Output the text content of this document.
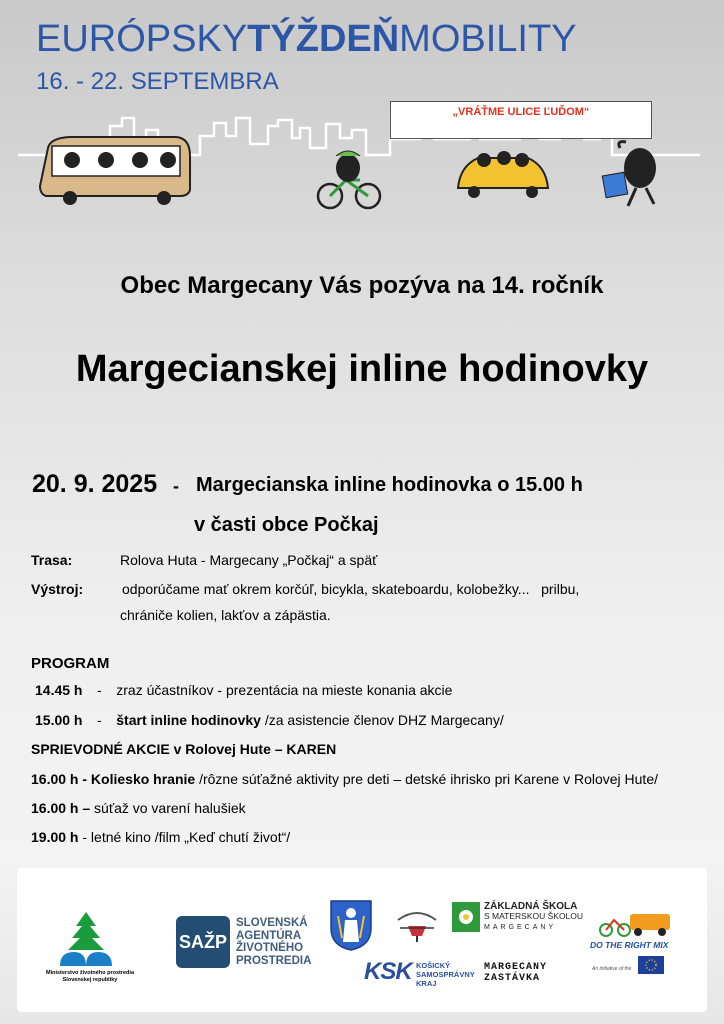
EURÓPSKYTÝŽDEŇMOBILITY
16. - 22. SEPTEMBRA
„VRÁŤME ULICE ĽUĎOM“
Obec Margecany Vás pozýva na 14. ročník
Margecianskej inline hodinovky
20. 9. 2025 - Margecianska inline hodinovka o 15.00 h
v časti obce Počkaj
Trasa:	Rolova Huta - Margecany „Počkaj“ a späť
Výstroj:	odporúčame mať okrem korčúľ, bicykla, skateboardu, kolobežky...   prilbu,
chrániče kolien, lakťov a zápästia.
PROGRAM
14.45 h - zraz účastníkov - prezentácia na mieste konania akcie
15.00 h - štart inline hodinovky /za asistencie členov DHZ Margecany/
SPRIEVODNÉ AKCIE v Rolovej Hute – KAREN
16.00 h - Koliesko hranie /rôzne súťažné aktivity pre deti – detské ihrisko pri Karene v Rolovej Hute/
16.00 h – súťaž vo varení halušiek
19.00 h - letné kino /film „Keď chutí život“/
Ministerstvo životného prostredia
Slovenskej republiky
SAŽP
SLOVENSKÁ
AGENTÚRA
ŽIVOTNÉHO
PROSTREDIA KSK KOŠICKÝ
SAMOSPRÁVNY
KRAJ
ZÁKLADNÁ ŠKOLA
S MATERSKOU ŠKOLOU
MARGECANY
MARGECANY
ZASTÁVKA
DO THE RIGHT MIX
An initiative of the
